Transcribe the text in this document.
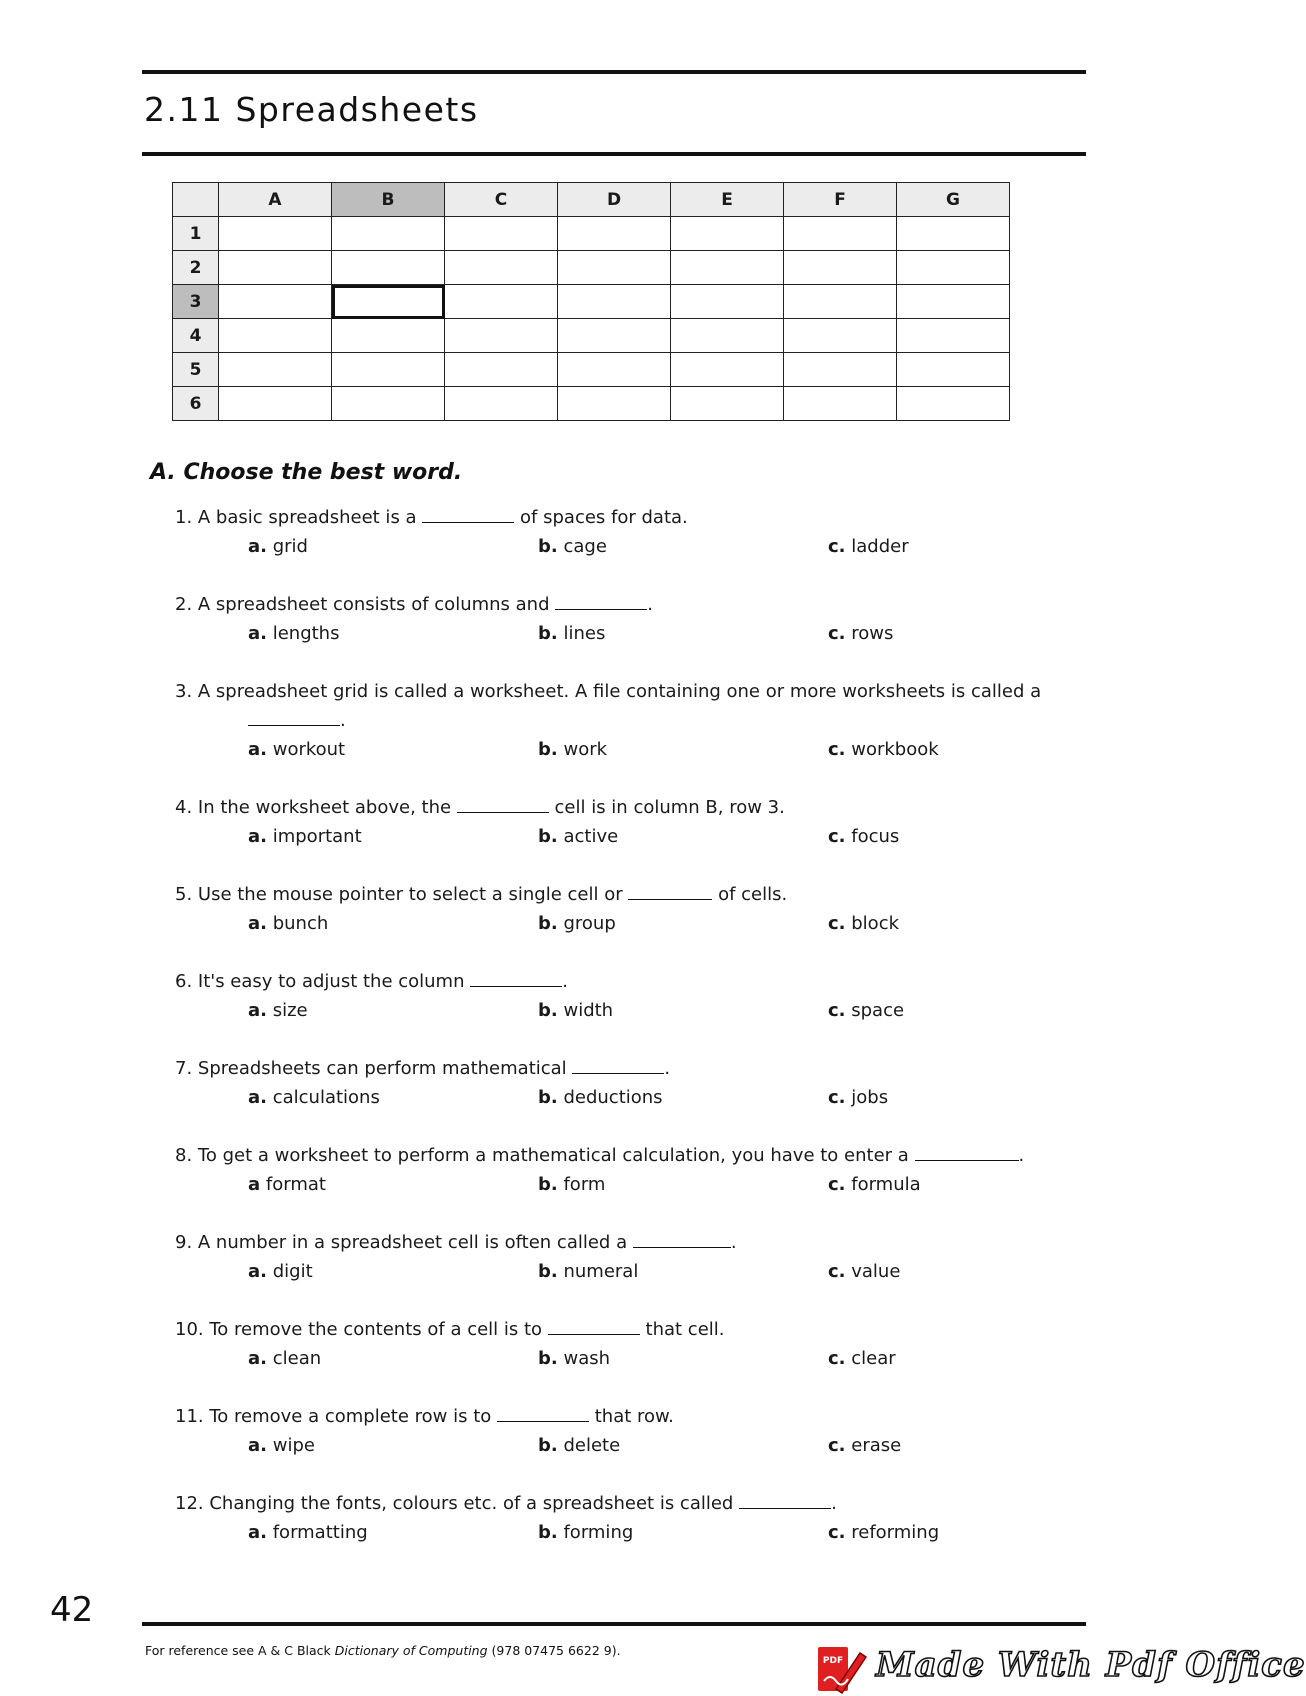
2.11 Spreadsheets
	A	B	C	D	E	F	G
1							
2							
3							
4							
5							
6							
A. Choose the best word.
1. A basic spreadsheet is a	of spaces for data.
a. grid	b. cage	c. ladder
2. A spreadsheet consists of columns and	.
a. lengths	b. lines	c. rows
3. A spreadsheet grid is called a worksheet. A file containing one or more worksheets is called a
.
a. workout	b. work	c. workbook
4. In the worksheet above, the	cell is in column B, row 3.
a. important	b. active	c. focus
5. Use the mouse pointer to select a single cell or	of cells.
a. bunch	b. group	c. block
6. It's easy to adjust the column	.
a. size	b. width	c. space
7. Spreadsheets can perform mathematical	.
a. calculations	b. deductions	c. jobs
8. To get a worksheet to perform a mathematical calculation, you have to enter a	.
a format	b. form	c. formula
9. A number in a spreadsheet cell is often called a	.
a. digit	b. numeral	c. value
10. To remove the contents of a cell is to	that cell.
a. clean	b. wash	c. clear
11. To remove a complete row is to	that row.
a. wipe	b. delete	c. erase
12. Changing the fonts, colours etc. of a spreadsheet is called	.
a. formatting	b. forming	c. reforming
42
For reference see A & C Black Dictionary of Computing (978 07475 6622 9).
PDF Made With Pdf Office
